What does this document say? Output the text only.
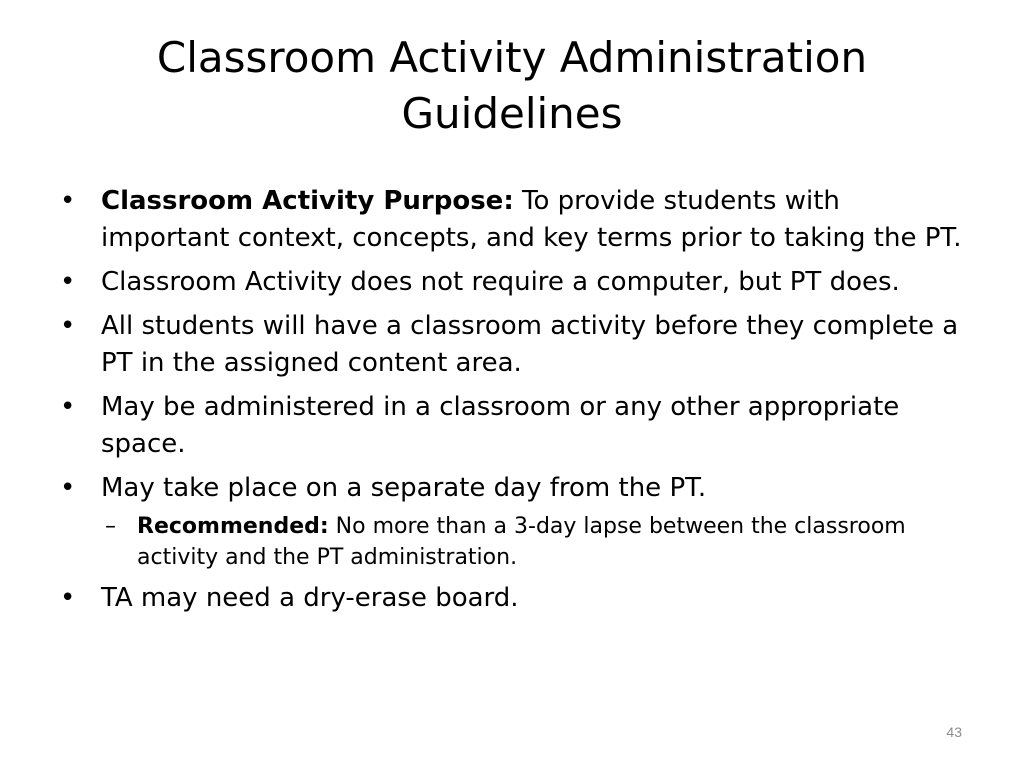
Classroom Activity Administration
Guidelines
• Classroom Activity Purpose: To provide students with important context, concepts, and key terms prior to taking the PT.
• Classroom Activity does not require a computer, but PT does.
• All students will have a classroom activity before they complete a PT in the assigned content area.
• May be administered in a classroom or any other appropriate space.
• May take place on a separate day from the PT.
– Recommended: No more than a 3-day lapse between the classroom activity and the PT administration.
• TA may need a dry-erase board.
43
